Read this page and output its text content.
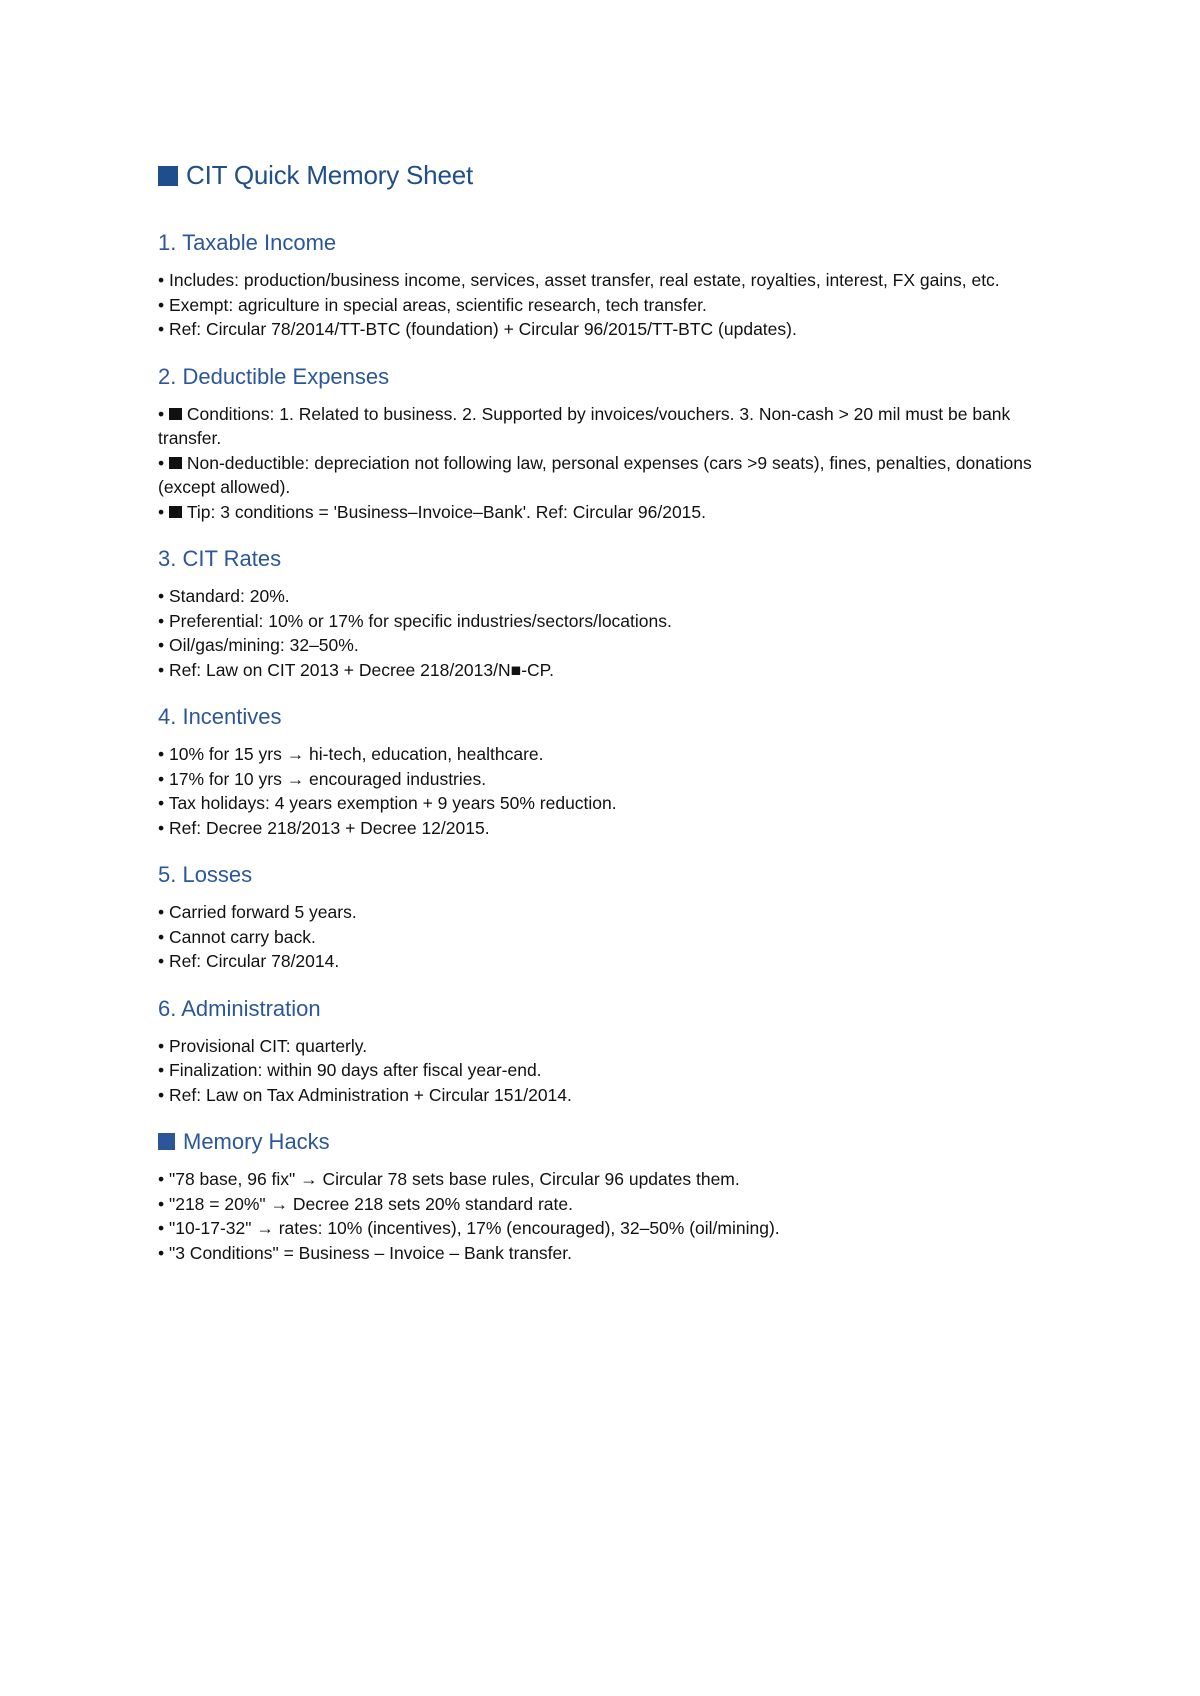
CIT Quick Memory Sheet
1. Taxable Income
• Includes: production/business income, services, asset transfer, real estate, royalties, interest, FX gains, etc.
• Exempt: agriculture in special areas, scientific research, tech transfer.
• Ref: Circular 78/2014/TT-BTC (foundation) + Circular 96/2015/TT-BTC (updates).
2. Deductible Expenses
• Conditions: 1. Related to business. 2. Supported by invoices/vouchers. 3. Non-cash > 20 mil must be bank transfer.
• Non-deductible: depreciation not following law, personal expenses (cars >9 seats), fines, penalties, donations (except allowed).
• Tip: 3 conditions = 'Business–Invoice–Bank'. Ref: Circular 96/2015.
3. CIT Rates
• Standard: 20%.
• Preferential: 10% or 17% for specific industries/sectors/locations.
• Oil/gas/mining: 32–50%.
• Ref: Law on CIT 2013 + Decree 218/2013/N■-CP.
4. Incentives
• 10% for 15 yrs → hi-tech, education, healthcare.
• 17% for 10 yrs → encouraged industries.
• Tax holidays: 4 years exemption + 9 years 50% reduction.
• Ref: Decree 218/2013 + Decree 12/2015.
5. Losses
• Carried forward 5 years.
• Cannot carry back.
• Ref: Circular 78/2014.
6. Administration
• Provisional CIT: quarterly.
• Finalization: within 90 days after fiscal year-end.
• Ref: Law on Tax Administration + Circular 151/2014.
Memory Hacks
• "78 base, 96 fix" → Circular 78 sets base rules, Circular 96 updates them.
• "218 = 20%" → Decree 218 sets 20% standard rate.
• "10-17-32" → rates: 10% (incentives), 17% (encouraged), 32–50% (oil/mining).
• "3 Conditions" = Business – Invoice – Bank transfer.
